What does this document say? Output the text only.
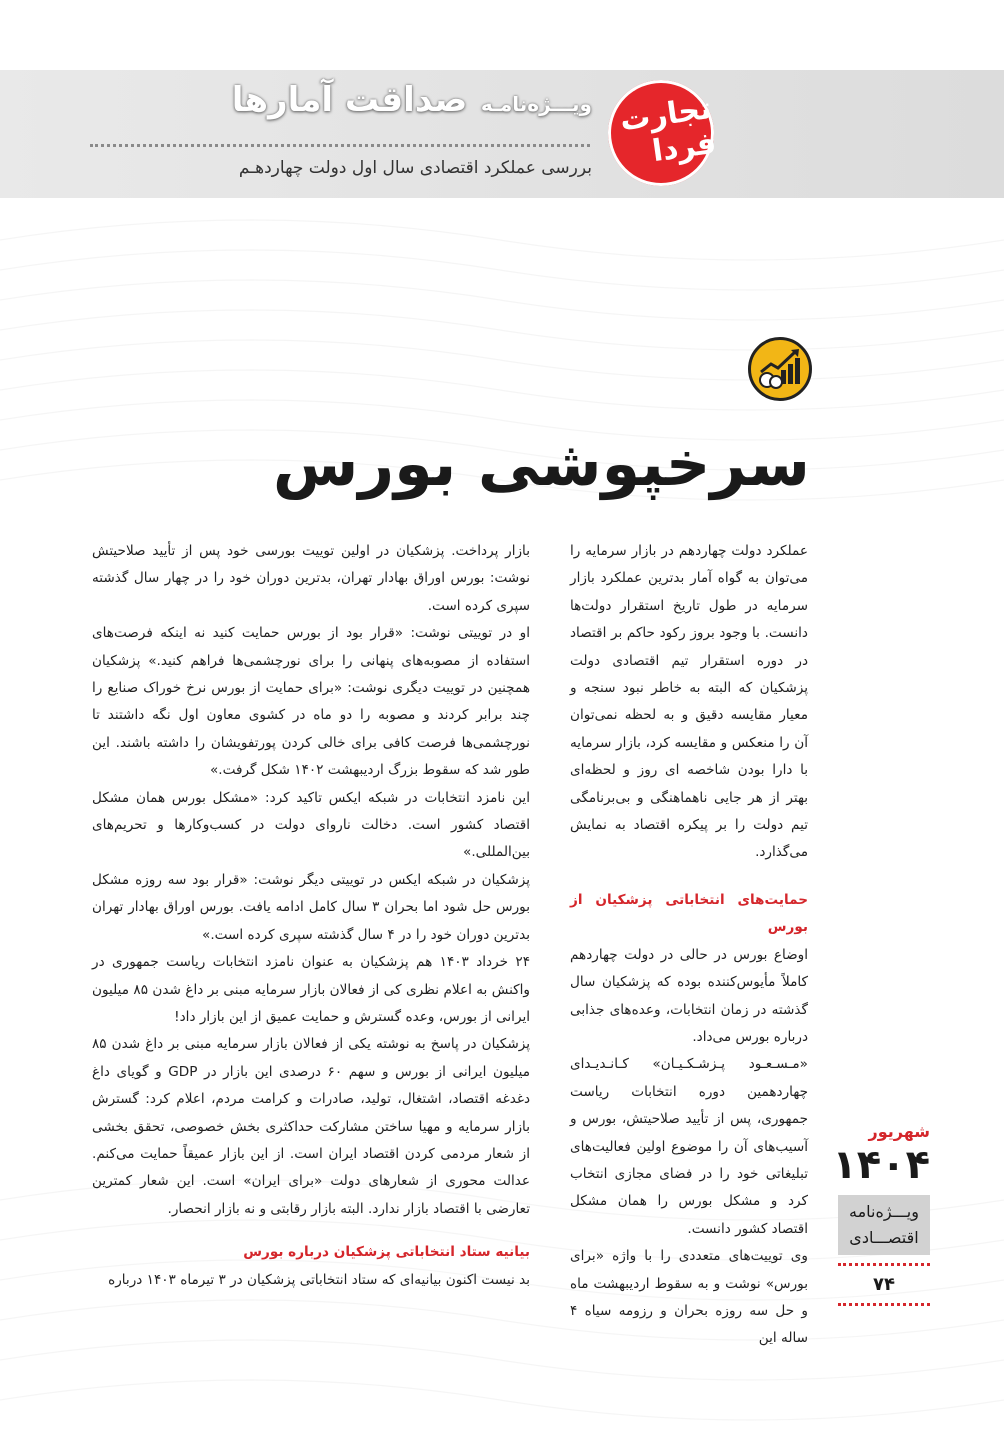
تجارت فردا
ویـــژه‌نامـه صداقت آمارها
بررسی عملکرد اقتصادی سال اول دولت چهاردهـم
سرخپوشی بورس

عملکرد دولت چهاردهم در بازار سرمایه را می‌توان به گواه آمار بدترین عملکرد بازار سرمایه در طول تاریخ استقرار دولت‌ها دانست. با وجود بروز رکود حاکم بر اقتصاد در دوره استقرار تیم اقتصادی دولت پزشکیان که البته به خاطر نبود سنجه و معیار مقایسه دقیق و به لحظه نمی‌توان آن را منعکس و مقایسه کرد، بازار سرمایه با دارا بودن شاخصه ای روز و لحظه‌ای بهتر از هر جایی ناهماهنگی و بی‌برنامگی تیم دولت را بر پیکره اقتصاد به نمایش می‌گذارد.

حمایت‌های انتخاباتی پزشکیان از بورس

اوضاع بورس در حالی در دولت چهاردهم کاملاً مأیوس‌کننده بوده که پزشکیان سال گذشته در زمان انتخابات، وعده‌های جذابی درباره بورس می‌داد.

«مـسـعـود پـزشـکـیـان» کـانـدیـدای چهاردهمین دوره انتخابات ریاست جمهوری، پس از تأیید صلاحیتش، بورس و آسیب‌های آن را موضوع اولین فعالیت‌های تبلیغاتی خود را در فضای مجازی انتخاب کرد و مشکل بورس را همان مشکل اقتصاد کشور دانست.

وی توییت‌های متعددی را با واژه «برای بورس» نوشت و به سقوط اردیبهشت ماه و حل سه روزه بحران و رزومه سیاه ۴ ساله این

بازار پرداخت. پزشکیان در اولین توییت بورسی خود پس از تأیید صلاحیتش نوشت: بورس اوراق بهادار تهران، بدترین دوران خود را در چهار سال گذشته سپری کرده است.

او در توییتی نوشت: «قرار بود از بورس حمایت کنید نه اینکه فرصت‌های استفاده از مصوبه‌های پنهانی را برای نورچشمی‌ها فراهم کنید.» پزشکیان همچنین در توییت دیگری نوشت: «برای حمایت از بورس نرخ خوراک صنایع را چند برابر کردند و مصوبه را دو ماه در کشوی معاون اول نگه داشتند تا نورچشمی‌ها فرصت کافی برای خالی کردن پورتفویشان را داشته باشند. این طور شد که سقوط بزرگ اردیبهشت ۱۴۰۲ شکل گرفت.»

این نامزد انتخابات در شبکه ایکس تاکید کرد: «مشکل بورس همان مشکل اقتصاد کشور است. دخالت ناروای دولت در کسب‌وکارها و تحریم‌های بین‌المللی.»

پزشکیان در شبکه ایکس در توییتی دیگر نوشت: «قرار بود سه روزه مشکل بورس حل شود اما بحران ۳ سال کامل ادامه یافت. بورس اوراق بهادار تهران بدترین دوران خود را در ۴ سال گذشته سپری کرده است.»

۲۴ خرداد ۱۴۰۳ هم پزشکیان به عنوان نامزد انتخابات ریاست جمهوری در واکنش به اعلام نظری کی از فعالان بازار سرمایه مبنی بر داغ شدن ۸۵ میلیون ایرانی از بورس، وعده گسترش و حمایت عمیق از این بازار داد!

پزشکیان در پاسخ به نوشته یکی از فعالان بازار سرمایه مبنی بر داغ شدن ۸۵ میلیون ایرانی از بورس و سهم ۶۰ درصدی این بازار در GDP و گویای داغ دغدغه اقتصاد، اشتغال، تولید، صادرات و کرامت مردم، اعلام کرد: گسترش بازار سرمایه و مهیا ساختن مشارکت حداکثری بخش خصوصی، تحقق بخشی از شعار مردمی کردن اقتصاد ایران است. از این بازار عمیقاً حمایت می‌کنم. عدالت محوری از شعارهای دولت «برای ایران» است. این شعار کمترین تعارضی با اقتصاد بازار ندارد. البته بازار رقابتی و نه بازار انحصار.

بیانیه ستاد انتخاباتی پزشکیان درباره بورس

بد نیست اکنون بیانیه‌ای که ستاد انتخاباتی پزشکیان در ۳ تیرماه ۱۴۰۳ درباره

شهریور
۱۴۰۴
ویـــژه‌نامه اقتصـــادی
۷۴
